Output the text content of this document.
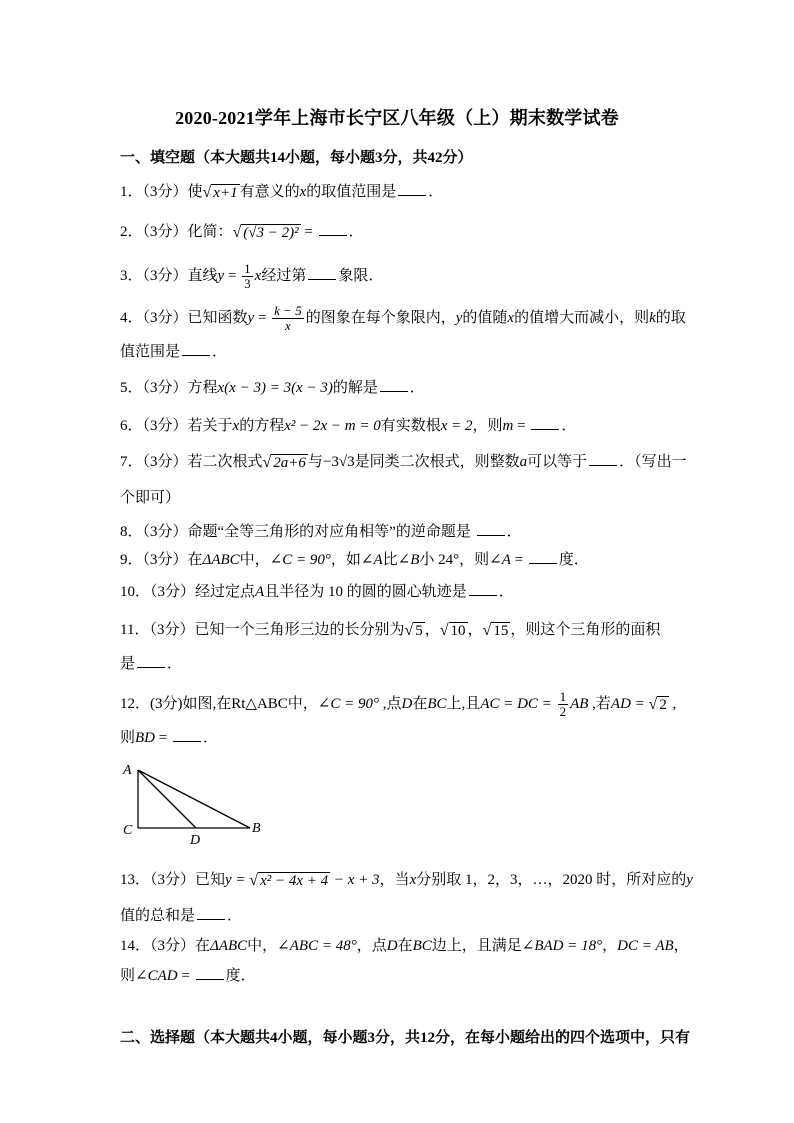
2020-2021学年上海市长宁区八年级（上）期末数学试卷
一、填空题（本大题共14小题，每小题3分，共42分）
1．（3分）使 √ x+1 有意义的x的取值范围是 ．
2．（3分）化简： √ (√3 − 2)² = ．
3．（3分）直线$y = \frac{1}{3}$ x经过第 象限．
4．（3分）已知函数$y = \frac{k - 5}{x}$ 的图象在每个象限内，y的值随x的值增大而减小，则k的取
值范围是 ．
5．（3分）方程x(x − 3) = 3(x − 3)的解是 ．
6．（3分）若关于x的方程x² − 2x − m = 0有实数根x = 2，则m = ．
7．（3分）若二次根式 √ 2a+6 与−3√3是同类二次根式，则整数a可以等于 ．（写出一
个即可）
8．（3分）命题“全等三角形的对应角相等”的逆命题是 ．
9．（3分）在ΔABC中，∠C = 90°，如∠A比∠B小 24°，则∠A = 度．
10．（3分）经过定点A且半径为 10 的圆的圆心轨迹是 ．
11．（3分）已知一个三角形三边的长分别为 √ 5 ， √ 10 ， √ 15 ，则这个三角形的面积
是 ．
12．(3分)如图,在Rt△ABC中，∠C = 90° ,点D在BC上,且AC = DC = $\frac{1}{2}$ AB ,若AD = √ 2 ,
则BD = ．
A
C
D
B
13．（3分）已知y = √ x² − 4x + 4 − x + 3，当x分别取 1，2，3，…，2020 时，所对应的y
值的总和是 ．
14．（3分）在ΔABC中，∠ABC = 48°，点D在BC边上，且满足∠BAD = 18°，DC = AB，
则∠CAD = 度．
二、选择题（本大题共4小题，每小题3分，共12分，在每小题给出的四个选项中，只有
